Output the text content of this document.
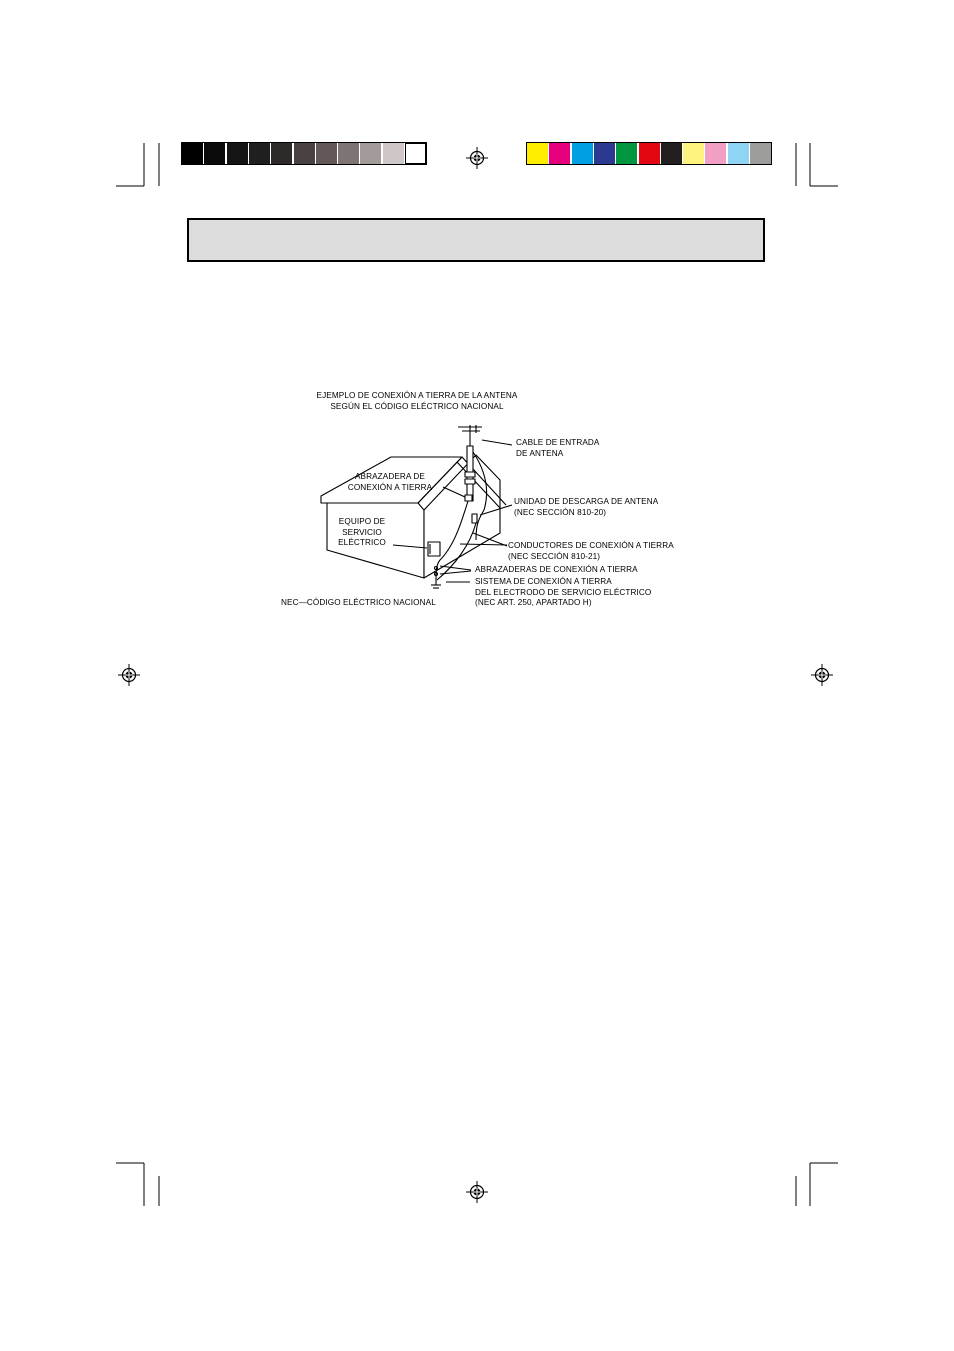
EJEMPLO DE CONEXIÓN A TIERRA DE LA ANTENA
SEGÚN EL CÓDIGO ELÉCTRICO NACIONAL
CABLE DE ENTRADA
DE ANTENA
ABRAZADERA DE
CONEXIÓN A TIERRA
UNIDAD DE DESCARGA DE ANTENA
(NEC SECCIÓN 810-20)
EQUIPO DE
SERVICIO
ELÉCTRICO	CONDUCTORES DE CONEXIÓN A TIERRA
(NEC SECCIÓN 810-21)
ABRAZADERAS DE CONEXIÓN A TIERRA
SISTEMA DE CONEXIÓN A TIERRA
DEL ELECTRODO DE SERVICIO ELÉCTRICO
(NEC ART. 250, APARTADO H)
NEC—CÓDIGO ELÉCTRICO NACIONAL
